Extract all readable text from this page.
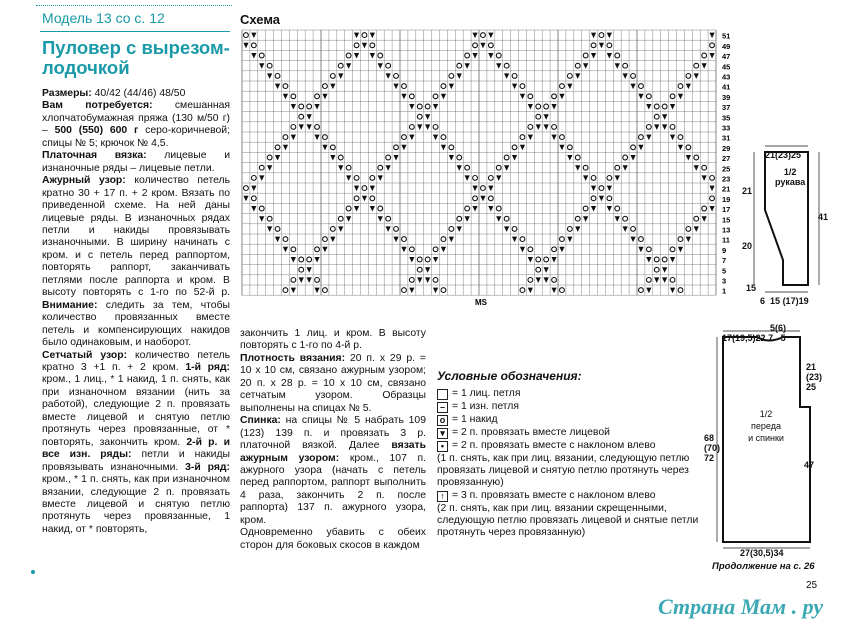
Модель 13 со с. 12
Пуловер с вырезом-
лодочкой
Размеры: 40/42 (44/46) 48/50
Вам потребуется: смешанная хлопчатобумажная пряжа (130 м/50 г) – 500 (550) 600 г серо-коричневой; спицы № 5; крючок № 4,5.
Платочная вязка: лицевые и изнаночные ряды – лицевые петли.
Ажурный узор: количество петель кратно 30 + 17 п. + 2 кром. Вязать по приведенной схеме. На ней даны лицевые ряды. В изнаночных рядах петли и накиды провязывать изнаночными. В ширину начинать с кром. и с петель перед раппортом, повторять раппорт, заканчивать петлями после раппорта и кром. В высоту повторять с 1-го по 52-й р. Внимание: следить за тем, чтобы количество провязанных вместе петель и компенсирующих накидов было одинаковым, и наоборот.
Сетчатый узор: количество петель кратно 3 +1 п. + 2 кром. 1-й ряд: кром., 1 лиц., * 1 накид, 1 п. снять, как при изнаночном вязании (нить за работой), следующие 2 п. провязать вместе лицевой и снятую петлю протянуть через провязанные, от * повторять, закончить кром. 2-й р. и все изн. ряды: петли и накиды провязывать изнаночными. 3-й ряд: кром., * 1 п. снять, как при изнаночном вязании, следующие 2 п. провязать вместе лицевой и снятую петлю протянуть через провязанные, 1 накид, от * повторять,
Схема
51
49
47
45
43
41
39
37
35
33
31
29
27
25
23
21
19
17
15
13
11
9
7
5
3
1
MS
закончить 1 лиц. и кром. В высоту повторять с 1-го по 4-й р.
Плотность вязания: 20 п. х 29 р. = 10 х 10 см, связано ажурным узором; 20 п. х 28 р. = 10 х 10 см, связано сетчатым узором. Образцы выполнены на спицах № 5.
Спинка: на спицы № 5 набрать 109 (123) 139 п. и провязать 3 р. платочной вязкой. Далее вязать ажурным узором: кром., 107 п. ажурного узора (начать с петель перед раппортом, раппорт выполнить 4 раза, закончить 2 п. после раппорта) 137 п. ажурного узора, кром.
Одновременно убавить с обеих сторон для боковых скосов в каждом
Условные обозначения:
= 1 лиц. петля
– = 1 изн. петля
o = 1 накид
▾ = 2 п. провязать вместе лицевой
• = 2 п. провязать вместе с наклоном влево
(1 п. снять, как при лиц. вязании, следующую петлю провязать лицевой и снятую петлю протянуть через провязанную)
↑ = 3 п. провязать вместе с наклоном влево
(2 п. снять, как при лиц. вязании скрещенными, следующую петлю провязать лицевой и снятые петли протянуть через провязанную)
21(23)25
1/2
рукава
21
20
15
41
6 15 (17)19
5(6)
17(19,5)22 7 5
21
(23)
25
47
68
(70)
72
1/2
переда
и спинки
27(30,5)34
Продолжение на с. 26
25
Страна Мам . ру
